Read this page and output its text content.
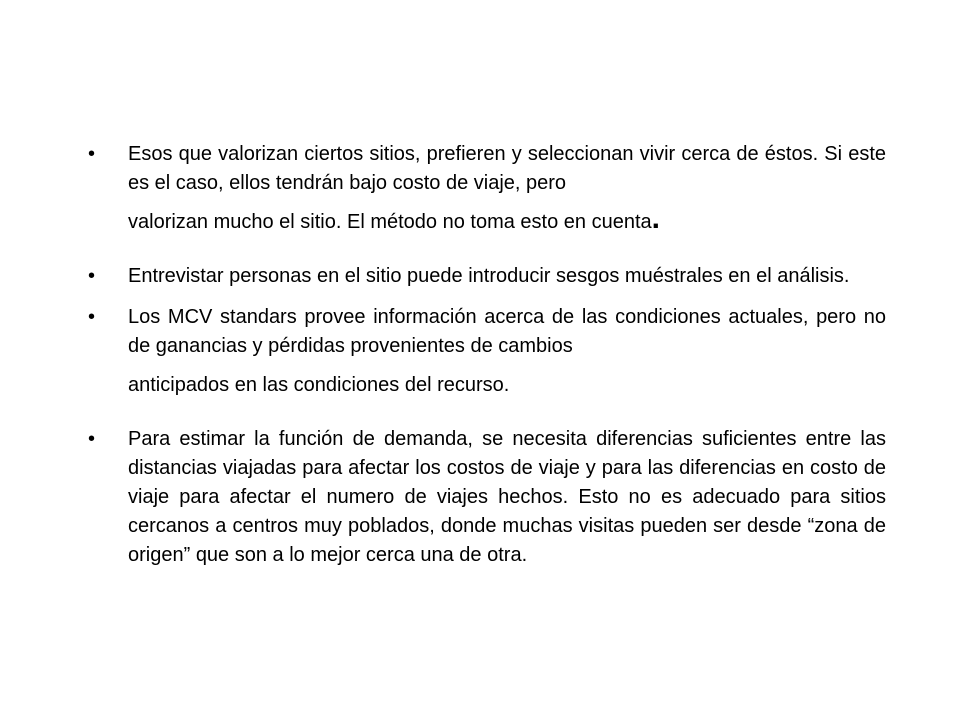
•	Esos que valorizan ciertos sitios, prefieren y seleccionan vivir cerca de éstos. Si este es el caso, ellos tendrán bajo costo de viaje, pero
valorizan mucho el sitio. El método no toma esto en cuenta.
•	Entrevistar personas en el sitio puede introducir sesgos muéstrales en el análisis.
•	Los MCV standars provee información acerca de las condiciones actuales, pero no de ganancias y pérdidas provenientes de cambios
anticipados en las condiciones del recurso.
•	Para estimar la función de demanda, se necesita diferencias suficientes entre las distancias viajadas para afectar los costos de viaje y para las diferencias en costo de viaje para afectar el numero de viajes hechos. Esto no es adecuado para sitios cercanos a centros muy poblados, donde muchas visitas pueden ser desde “zona de origen” que son a lo mejor cerca una de otra.
